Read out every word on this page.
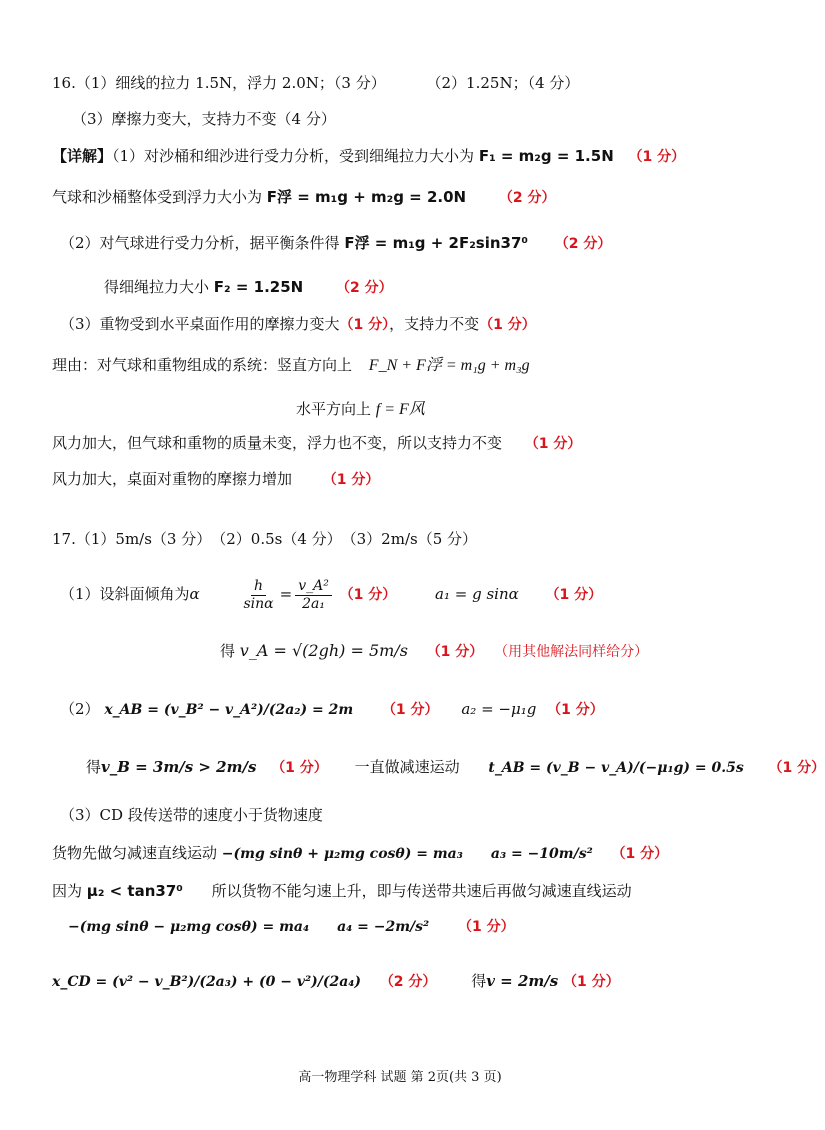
16.（1）细线的拉力 1.5N，浮力 2.0N；（3 分）	（2）1.25N；（4 分）
（3）摩擦力变大，支持力不变（4 分）
【详解】（1）对沙桶和细沙进行受力分析，受到细绳拉力大小为 F₁ = m₂g = 1.5N （1 分）
气球和沙桶整体受到浮力大小为 F浮 = m₁g + m₂g = 2.0N （2 分）
（2）对气球进行受力分析，据平衡条件得 F浮 = m₁g + 2F₂sin37⁰ （2 分）
得细绳拉力大小 F₂ = 1.25N （2 分）
（3）重物受到水平桌面作用的摩擦力变大（1 分），支持力不变（1 分）
理由：对气球和重物组成的系统：竖直方向上 F_N + F浮 = m₁g + m₃g
水平方向上 f = F风
风力加大，但气球和重物的质量未变，浮力也不变，所以支持力不变 （1 分）
风力加大，桌面对重物的摩擦力增加 （1 分）
17.（1）5m/s（3 分）　（2）0.5s（4 分）　（3）2m/s（5 分）
（1）设斜面倾角为α	$\frac{h}{\sin\alpha} = \frac{\text{v\_A²}}{\text{2a₁}} (1$ 分）	a₁ = g sinα （1 分）
得 v_A = √(2gh) = 5m/s （1 分） （用其他解法同样给分）
（2） x_AB = (v_B² − v_A²)/(2a₂) = 2m （1 分） a₂ = −μ₁g （1 分）
得v_B = 3m/s > 2m/s （1 分） 一直做减速运动 t_AB = (v_B − v_A)/(−μ₁g) = 0.5s （1 分）
（3）CD 段传送带的速度小于货物速度
货物先做匀减速直线运动 −(mg sinθ + μ₂mg cosθ) = ma₃　　a₃ = −10m/s² （1 分）
因为 μ₂ < tan37⁰ 所以货物不能匀速上升，即与传送带共速后再做匀减速直线运动
−(mg sinθ − μ₂mg cosθ) = ma₄　　a₄ = −2m/s² （1 分）
x_CD = (v² − v_B²)/(2a₃) + (0 − v²)/(2a₄) （2 分） 得v = 2m/s （1 分）
高一物理学科 试题 第 2页(共 3 页)
